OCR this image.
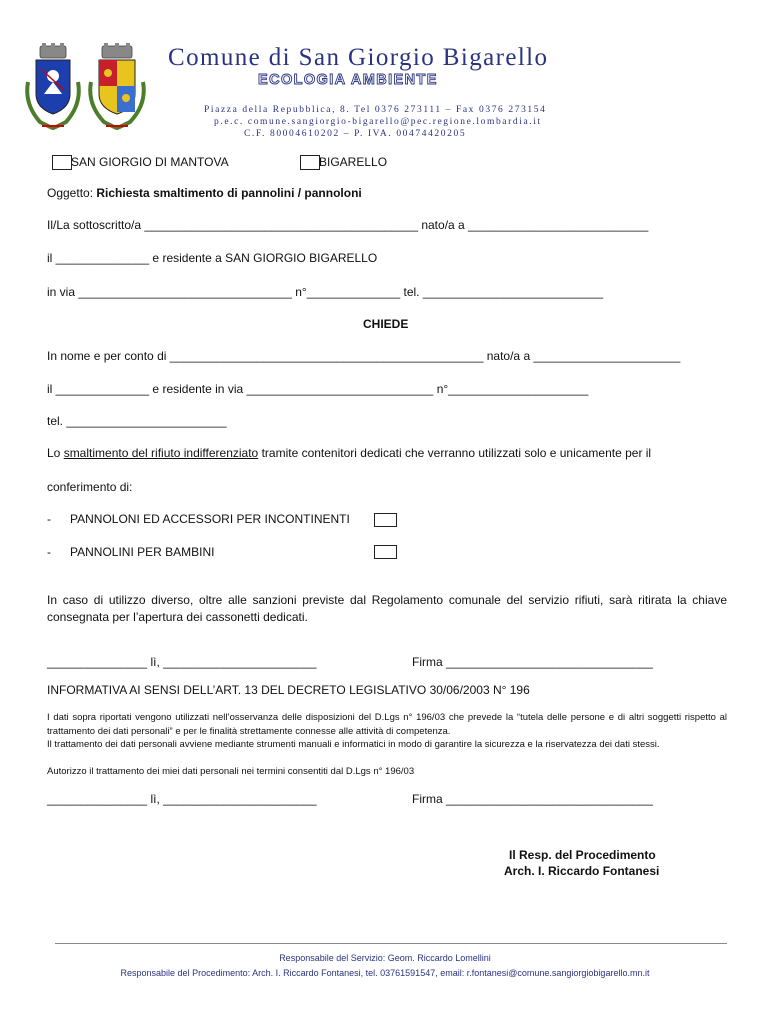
Comune di San Giorgio Bigarello
ECOLOGIA AMBIENTE
Piazza della Repubblica, 8. Tel 0376 273111 – Fax 0376 273154
p.e.c. comune.sangiorgio-bigarello@pec.regione.lombardia.it
C.F. 80004610202 – P. IVA. 00474420205
SAN GIORGIO DI MANTOVA	BIGARELLO
Oggetto: Richiesta smaltimento di pannolini / pannoloni
Il/La sottoscritto/a _________________________________________ nato/a a ___________________________
il ______________ e residente a SAN GIORGIO BIGARELLO
in via ________________________________ n°______________ tel. ___________________________
CHIEDE
In nome e per conto di _______________________________________________ nato/a a ______________________
il ______________ e residente in via ____________________________ n°_____________________
tel. ________________________
Lo smaltimento del rifiuto indifferenziato tramite contenitori dedicati che verranno utilizzati solo e unicamente per il
conferimento di:
- PANNOLONI ED ACCESSORI PER INCONTINENTI
- PANNOLINI PER BAMBINI
In caso di utilizzo diverso, oltre alle sanzioni previste dal Regolamento comunale del servizio rifiuti, sarà ritirata la chiave consegnata per l’apertura dei cassonetti dedicati.
_______________ lì, _______________________	Firma _______________________________
INFORMATIVA AI SENSI DELL’ART. 13 DEL DECRETO LEGISLATIVO 30/06/2003 N° 196
I dati sopra riportati vengono utilizzati nell’osservanza delle disposizioni del D.Lgs n° 196/03 che prevede la “tutela delle persone e di altri soggetti rispetto al trattamento dei dati personali” e per le finalità strettamente connesse alle attività di competenza.
Il trattamento dei dati personali avviene mediante strumenti manuali e informatici in modo di garantire la sicurezza e la riservatezza dei dati stessi.
Autorizzo il trattamento dei miei dati personali nei termini consentiti dal D.Lgs n° 196/03
_______________ lì, _______________________	Firma _______________________________
Il Resp. del Procedimento
Arch. I. Riccardo Fontanesi
Responsabile del Servizio: Geom. Riccardo Lomellini
Responsabile del Procedimento: Arch. I. Riccardo Fontanesi, tel. 03761591547, email: r.fontanesi@comune.sangiorgiobigarello.mn.it
